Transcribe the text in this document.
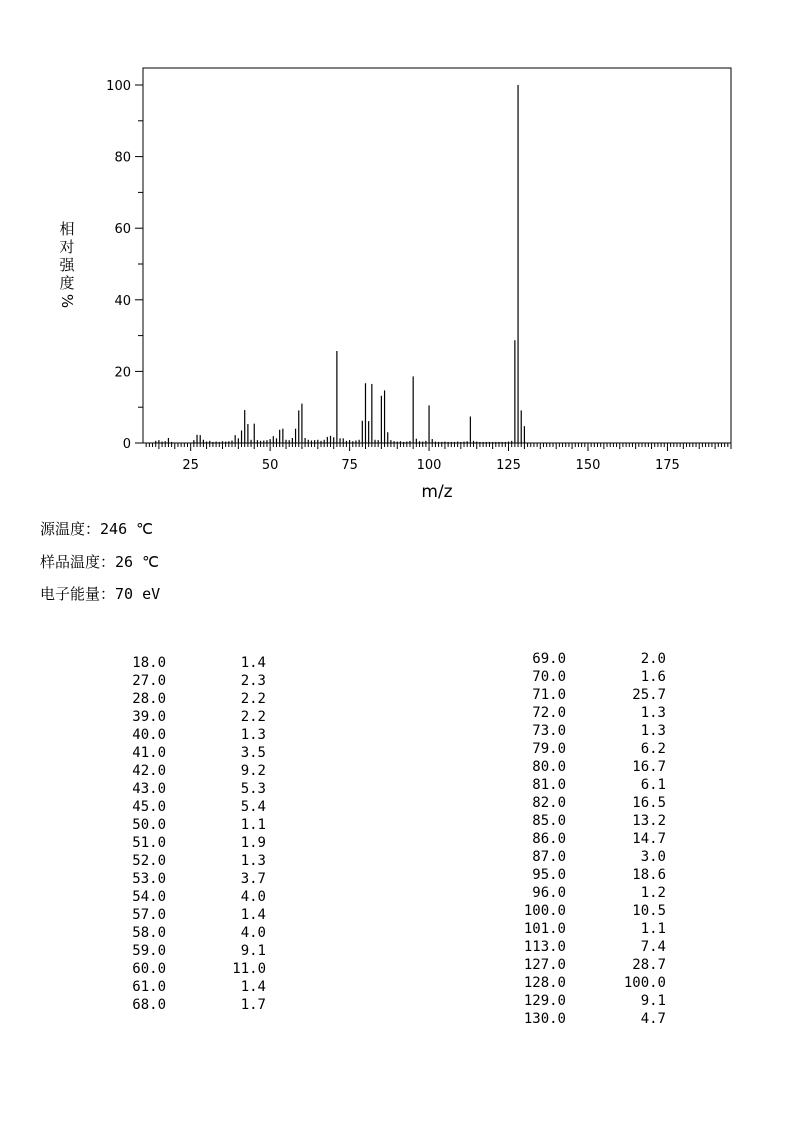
0
20
40
60
80
100
25	50	75	100	125	150	175
m/z
相
对
强
度
%
源温度：246 ℃
样品温度：26 ℃
电子能量：70 eV
18.0	1.4
27.0	2.3
28.0	2.2
39.0	2.2
40.0	1.3
41.0	3.5
42.0	9.2
43.0	5.3
45.0	5.4
50.0	1.1
51.0	1.9
52.0	1.3
53.0	3.7
54.0	4.0
57.0	1.4
58.0	4.0
59.0	9.1
60.0	11.0
61.0	1.4
68.0	1.7
69.0	2.0
70.0	1.6
71.0	25.7
72.0	1.3
73.0	1.3
79.0	6.2
80.0	16.7
81.0	6.1
82.0	16.5
85.0	13.2
86.0	14.7
87.0	3.0
95.0	18.6
96.0	1.2
100.0	10.5
101.0	1.1
113.0	7.4
127.0	28.7
128.0	100.0
129.0	9.1
130.0	4.7
